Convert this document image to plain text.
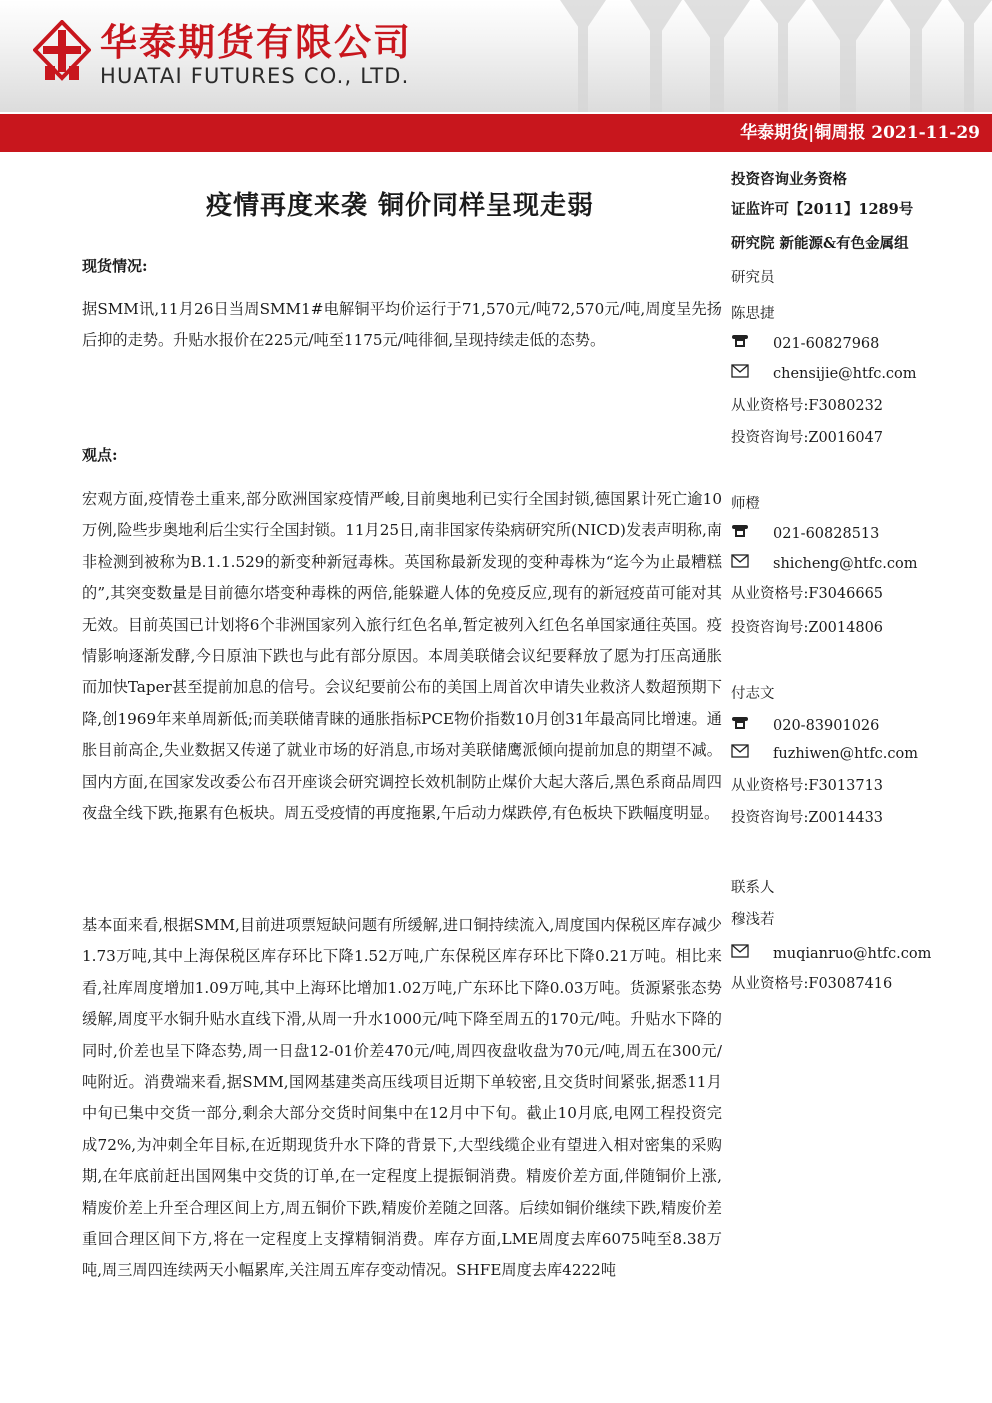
华泰期货有限公司

HUATAI FUTURES CO., LTD.

华泰期货|铜周报 2021-11-29
疫情再度来袭 铜价同样呈现走弱

现货情况:

据SMM讯,11月26日当周SMM1#电解铜平均价运行于71,570元/吨72,570元/吨,周度呈先扬后抑的走势。升贴水报价在225元/吨至1175元/吨徘徊,呈现持续走低的态势。

观点:

宏观方面,疫情卷土重来,部分欧洲国家疫情严峻,目前奥地利已实行全国封锁,德国累计死亡逾10万例,险些步奥地利后尘实行全国封锁。11月25日,南非国家传染病研究所(NICD)发表声明称,南非检测到被称为B.1.1.529的新变种新冠毒株。英国称最新发现的变种毒株为“迄今为止最糟糕的”,其突变数量是目前德尔塔变种毒株的两倍,能躲避人体的免疫反应,现有的新冠疫苗可能对其无效。目前英国已计划将6个非洲国家列入旅行红色名单,暂定被列入红色名单国家通往英国。疫情影响逐渐发酵,今日原油下跌也与此有部分原因。本周美联储会议纪要释放了愿为打压高通胀而加快Taper甚至提前加息的信号。会议纪要前公布的美国上周首次申请失业救济人数超预期下降,创1969年来单周新低;而美联储青睐的通胀指标PCE物价指数10月创31年最高同比增速。通胀目前高企,失业数据又传递了就业市场的好消息,市场对美联储鹰派倾向提前加息的期望不减。国内方面,在国家发改委公布召开座谈会研究调控长效机制防止煤价大起大落后,黑色系商品周四夜盘全线下跌,拖累有色板块。周五受疫情的再度拖累,午后动力煤跌停,有色板块下跌幅度明显。

基本面来看,根据SMM,目前进项票短缺问题有所缓解,进口铜持续流入,周度国内保税区库存减少1.73万吨,其中上海保税区库存环比下降1.52万吨,广东保税区库存环比下降0.21万吨。相比来看,社库周度增加1.09万吨,其中上海环比增加1.02万吨,广东环比下降0.03万吨。货源紧张态势缓解,周度平水铜升贴水直线下滑,从周一升水1000元/吨下降至周五的170元/吨。升贴水下降的同时,价差也呈下降态势,周一日盘12-01价差470元/吨,周四夜盘收盘为70元/吨,周五在300元/吨附近。消费端来看,据SMM,国网基建类高压线项目近期下单较密,且交货时间紧张,据悉11月中旬已集中交货一部分,剩余大部分交货时间集中在12月中下旬。截止10月底,电网工程投资完成72%,为冲刺全年目标,在近期现货升水下降的背景下,大型线缆企业有望进入相对密集的采购期,在年底前赶出国网集中交货的订单,在一定程度上提振铜消费。精废价差方面,伴随铜价上涨,精废价差上升至合理区间上方,周五铜价下跌,精废价差随之回落。后续如铜价继续下跌,精废价差重回合理区间下方,将在一定程度上支撑精铜消费。库存方面,LME周度去库6075吨至8.38万吨,周三周四连续两天小幅累库,关注周五库存变动情况。SHFE周度去库4222吨

投资咨询业务资格
证监许可【2011】1289号
研究院 新能源&有色金属组
研究员
陈思捷
021-60827968
chensijie@htfc.com
从业资格号:F3080232
投资咨询号:Z0016047
师橙
021-60828513
shicheng@htfc.com
从业资格号:F3046665
投资咨询号:Z0014806
付志文
020-83901026
fuzhiwen@htfc.com
从业资格号:F3013713
投资咨询号:Z0014433
联系人
穆浅若
muqianruo@htfc.com
从业资格号:F03087416
